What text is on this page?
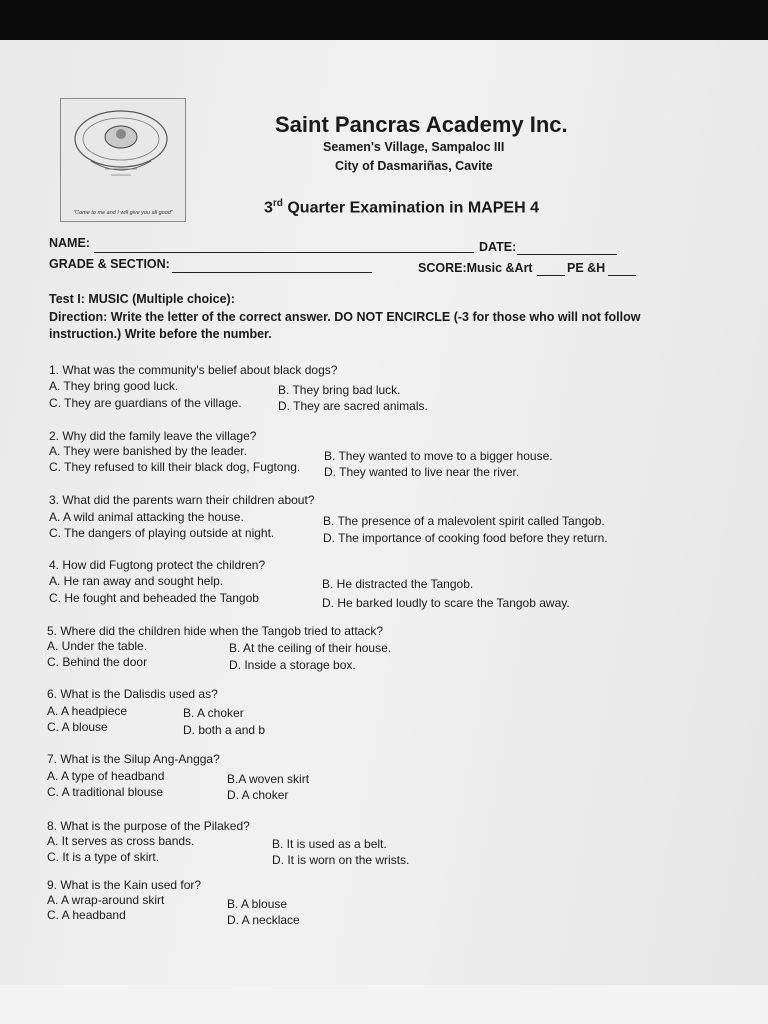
"Come to me and I will give you all good"
Saint Pancras Academy Inc.
Seamen's Village, Sampaloc III
City of Dasmariñas, Cavite
3rd Quarter Examination in MAPEH 4
NAME:	DATE:
GRADE & SECTION:	SCORE:Music &Art	PE &H
Test I: MUSIC (Multiple choice):
Direction: Write the letter of the correct answer. DO NOT ENCIRCLE (-3 for those who will not follow
instruction.) Write before the number.
1. What was the community's belief about black dogs?
A. They bring good luck.	B. They bring bad luck.
C. They are guardians of the village.	D. They are sacred animals.
2. Why did the family leave the village?
A. They were banished by the leader.	B. They wanted to move to a bigger house.
C. They refused to kill their black dog, Fugtong. D. They wanted to live near the river.
3. What did the parents warn their children about?
A. A wild animal attacking the house.	B. The presence of a malevolent spirit called Tangob.
C. The dangers of playing outside at night.	D. The importance of cooking food before they return.
4. How did Fugtong protect the children?
A. He ran away and sought help.	B. He distracted the Tangob.
C. He fought and beheaded the Tangob	D. He barked loudly to scare the Tangob away.
5. Where did the children hide when the Tangob tried to attack?
A. Under the table.	B. At the ceiling of their house.
C. Behind the door	D. Inside a storage box.
6. What is the Dalisdis used as?
A. A headpiece	B. A choker
C. A blouse	D. both a and b
7. What is the Silup Ang-Angga?
A. A type of headband	B.A woven skirt
C. A traditional blouse	D. A choker
8. What is the purpose of the Pilaked?
A. It serves as cross bands.	B. It is used as a belt.
C. It is a type of skirt.	D. It is worn on the wrists.
9. What is the Kain used for?
A. A wrap-around skirt	B. A blouse
C. A headband	D. A necklace
